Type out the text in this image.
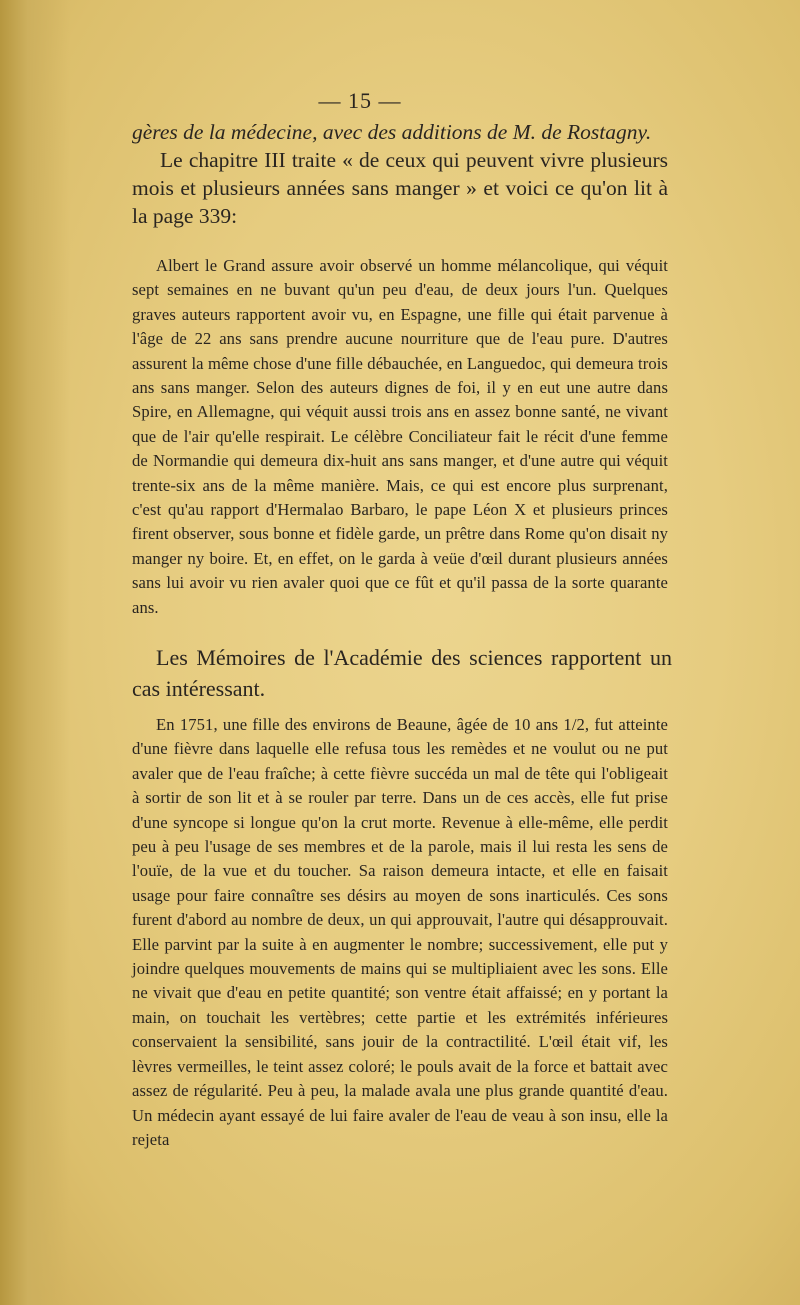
— 15 —

gères de la médecine, avec des additions de M. de Rostagny.
Le chapitre III traite « de ceux qui peuvent vivre plusieurs mois et plusieurs années sans manger » et voici ce qu'on lit à la page 339:

Albert le Grand assure avoir observé un homme mélancolique, qui véquit sept semaines en ne buvant qu'un peu d'eau, de deux jours l'un. Quelques graves auteurs rapportent avoir vu, en Espagne, une fille qui était parvenue à l'âge de 22 ans sans prendre aucune nourriture que de l'eau pure. D'autres assurent la même chose d'une fille débauchée, en Languedoc, qui demeura trois ans sans manger. Selon des auteurs dignes de foi, il y en eut une autre dans Spire, en Allemagne, qui véquit aussi trois ans en assez bonne santé, ne vivant que de l'air qu'elle respirait. Le célèbre Conciliateur fait le récit d'une femme de Normandie qui demeura dix-huit ans sans manger, et d'une autre qui véquit trente-six ans de la même manière. Mais, ce qui est encore plus surprenant, c'est qu'au rapport d'Hermalao Barbaro, le pape Léon X et plusieurs princes firent observer, sous bonne et fidèle garde, un prêtre dans Rome qu'on disait ny manger ny boire. Et, en effet, on le garda à veüe d'œil durant plusieurs années sans lui avoir vu rien avaler quoi que ce fût et qu'il passa de la sorte quarante ans.

Les Mémoires de l'Académie des sciences rapportent un cas intéressant.

En 1751, une fille des environs de Beaune, âgée de 10 ans 1/2, fut atteinte d'une fièvre dans laquelle elle refusa tous les remèdes et ne voulut ou ne put avaler que de l'eau fraîche; à cette fièvre succéda un mal de tête qui l'obligeait à sortir de son lit et à se rouler par terre. Dans un de ces accès, elle fut prise d'une syncope si longue qu'on la crut morte. Revenue à elle-même, elle perdit peu à peu l'usage de ses membres et de la parole, mais il lui resta les sens de l'ouïe, de la vue et du toucher. Sa raison demeura intacte, et elle en faisait usage pour faire connaître ses désirs au moyen de sons inarticulés. Ces sons furent d'abord au nombre de deux, un qui approuvait, l'autre qui désapprouvait. Elle parvint par la suite à en augmenter le nombre; successivement, elle put y joindre quelques mouvements de mains qui se multipliaient avec les sons. Elle ne vivait que d'eau en petite quantité; son ventre était affaissé; en y portant la main, on touchait les vertèbres; cette partie et les extrémités inférieures conservaient la sensibilité, sans jouir de la contractilité. L'œil était vif, les lèvres vermeilles, le teint assez coloré; le pouls avait de la force et battait avec assez de régularité. Peu à peu, la malade avala une plus grande quantité d'eau. Un médecin ayant essayé de lui faire avaler de l'eau de veau à son insu, elle la rejeta
